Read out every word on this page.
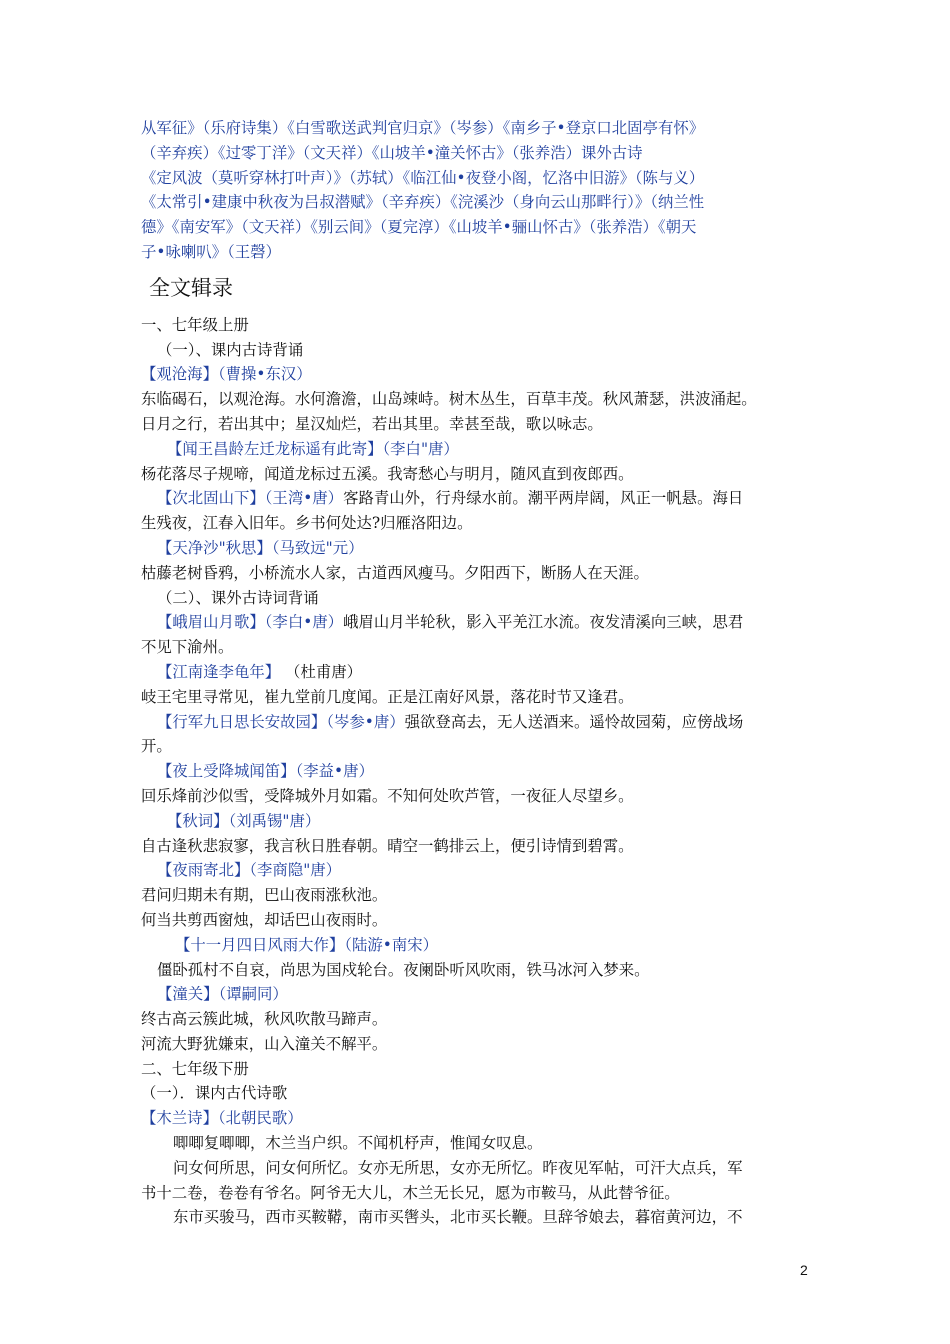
从军征》（乐府诗集）《白雪歌送武判官归京》（岑参）《南乡子•登京口北固亭有怀》

（辛弃疾）《过零丁洋》（文天祥）《山坡羊•潼关怀古》（张养浩）课外古诗

《定风波（莫听穿林打叶声）》（苏轼）《临江仙•夜登小阁，忆洛中旧游》（陈与义）

《太常引•建康中秋夜为吕叔潜赋》（辛弃疾）《浣溪沙（身向云山那畔行）》（纳兰性

德》《南安军》（文天祥）《别云间》（夏完淳）《山坡羊•骊山怀古》（张养浩）《朝天

子•咏喇叭》（王磬）

全文辑录

一、七年级上册

（一）、课内古诗背诵

【观沧海】（曹操•东汉）

东临碣石，以观沧海。水何澹澹，山岛竦峙。树木丛生，百草丰茂。秋风萧瑟，洪波涌起。

日月之行，若出其中；星汉灿烂，若出其里。幸甚至哉，歌以咏志。

【闻王昌龄左迁龙标遥有此寄】（李白"唐）

杨花落尽子规啼，闻道龙标过五溪。我寄愁心与明月，随风直到夜郎西。

【次北固山下】（王湾•唐）客路青山外，行舟绿水前。潮平两岸阔，风正一帆悬。海日

生残夜，江春入旧年。乡书何处达?归雁洛阳边。

【天净沙"秋思】（马致远"元）

枯藤老树昏鸦，小桥流水人家，古道西风瘦马。夕阳西下，断肠人在天涯。

（二）、课外古诗词背诵

【峨眉山月歌】（李白•唐）峨眉山月半轮秋，影入平羌江水流。夜发清溪向三峡，思君

不见下渝州。

【江南逢李龟年】 （杜甫唐）

岐王宅里寻常见，崔九堂前几度闻。正是江南好风景，落花时节又逢君。

【行军九日思长安故园】（岑参•唐）强欲登高去，无人送酒来。遥怜故园菊，应傍战场

开。

【夜上受降城闻笛】（李益•唐）

回乐烽前沙似雪，受降城外月如霜。不知何处吹芦管，一夜征人尽望乡。

【秋词】（刘禹锡"唐）

自古逢秋悲寂寥，我言秋日胜春朝。晴空一鹤排云上，便引诗情到碧霄。

【夜雨寄北】（李商隐"唐）

君问归期未有期，巴山夜雨涨秋池。

何当共剪西窗烛，却话巴山夜雨时。

【十一月四日风雨大作】（陆游•南宋）

僵卧孤村不自哀，尚思为国戍轮台。夜阑卧听风吹雨，铁马冰河入梦来。

【潼关】（谭嗣同）

终古高云簇此城，秋风吹散马蹄声。

河流大野犹嫌束，山入潼关不解平。

二、七年级下册

（一）．课内古代诗歌

【木兰诗】（北朝民歌）

唧唧复唧唧，木兰当户织。不闻机杼声，惟闻女叹息。

问女何所思，问女何所忆。女亦无所思，女亦无所忆。昨夜见军帖，可汗大点兵，军

书十二卷，卷卷有爷名。阿爷无大儿，木兰无长兄，愿为市鞍马，从此替爷征。

东市买骏马，西市买鞍鞯，南市买辔头，北市买长鞭。旦辞爷娘去，暮宿黄河边，不

2
